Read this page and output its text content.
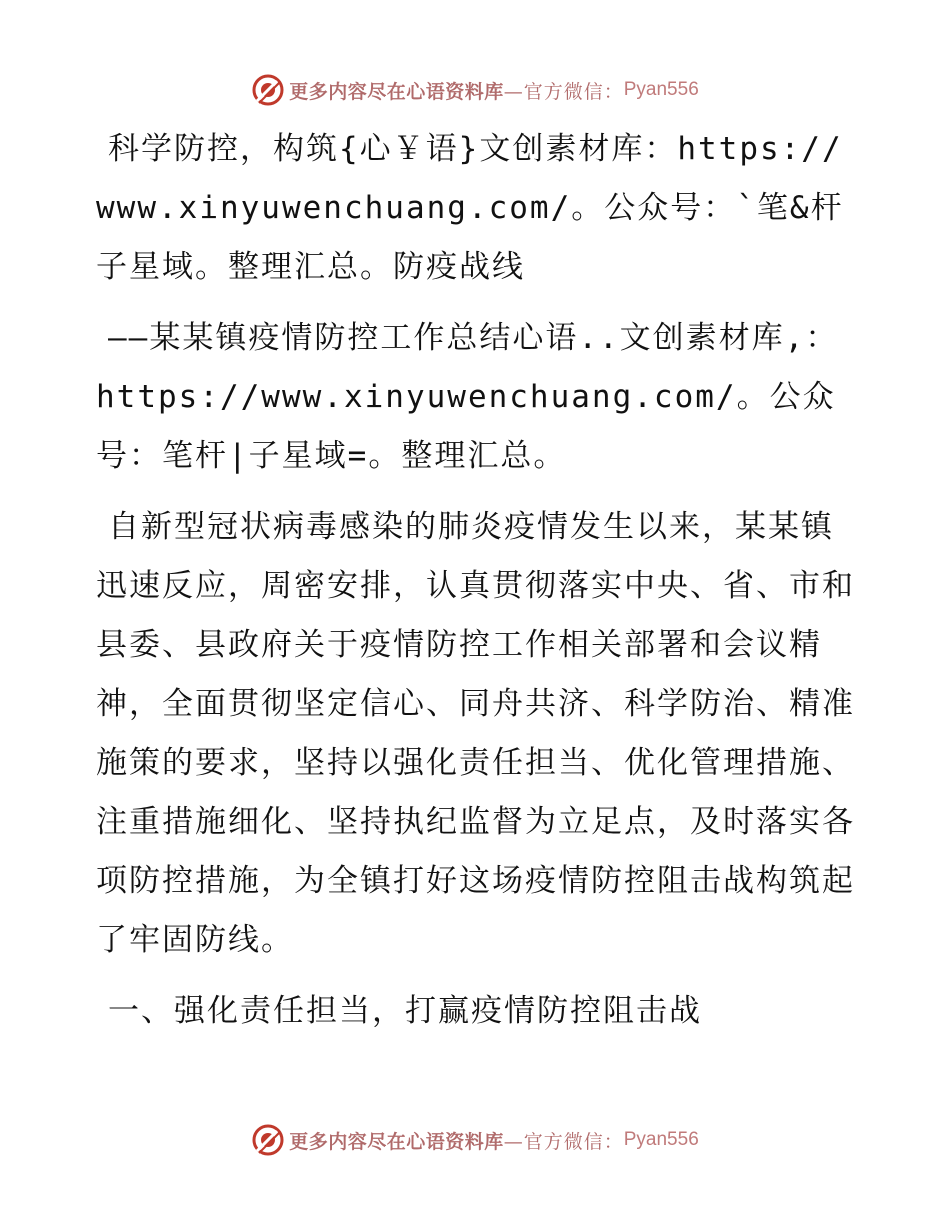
更多内容尽在心语资料库 —官方微信： Pyan556

科学防控，构筑{心￥语}文创素材库：https://www.xinyuwenchuang.com/。公众号：`笔&杆子星域。整理汇总。防疫战线

——某某镇疫情防控工作总结心语..文创素材库,：https://www.xinyuwenchuang.com/。公众号：笔杆|子星域=。整理汇总。

自新型冠状病毒感染的肺炎疫情发生以来，某某镇迅速反应，周密安排，认真贯彻落实中央、省、市和县委、县政府关于疫情防控工作相关部署和会议精神，全面贯彻坚定信心、同舟共济、科学防治、精准施策的要求，坚持以强化责任担当、优化管理措施、注重措施细化、坚持执纪监督为立足点，及时落实各项防控措施，为全镇打好这场疫情防控阻击战构筑起了牢固防线。

一、强化责任担当，打赢疫情防控阻击战

更多内容尽在心语资料库 —官方微信： Pyan556
